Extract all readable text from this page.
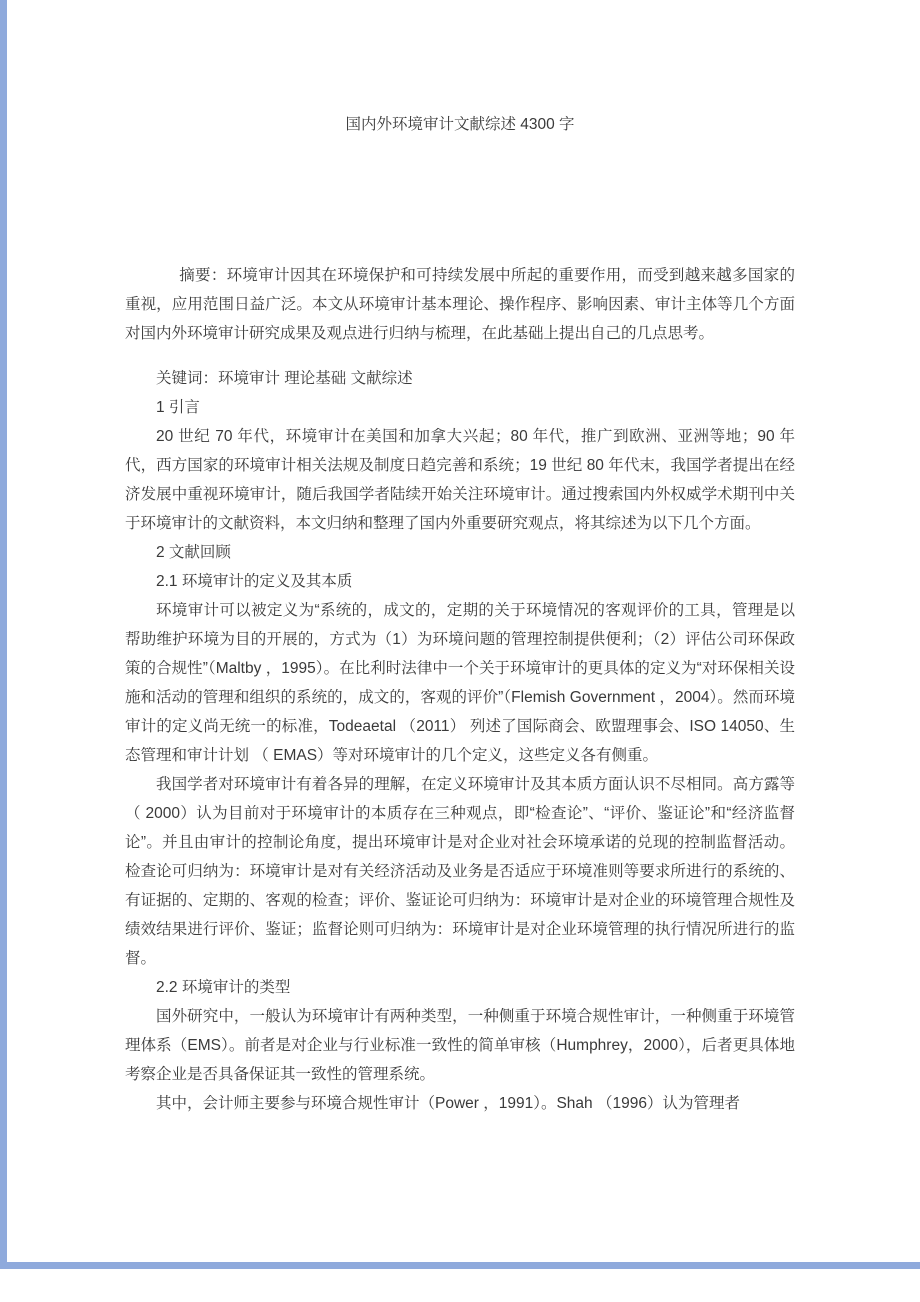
国内外环境审计文献综述 4300 字

摘要：环境审计因其在环境保护和可持续发展中所起的重要作用，而受到越来越多国家的重视，应用范围日益广泛。本文从环境审计基本理论、操作程序、影响因素、审计主体等几个方面对国内外环境审计研究成果及观点进行归纳与梳理，在此基础上提出自己的几点思考。

关键词：环境审计 理论基础 文献综述

1 引言

20 世纪 70 年代，环境审计在美国和加拿大兴起；80 年代，推广到欧洲、亚洲等地；90 年代，西方国家的环境审计相关法规及制度日趋完善和系统；19 世纪 80 年代末，我国学者提出在经济发展中重视环境审计，随后我国学者陆续开始关注环境审计。通过搜索国内外权威学术期刊中关于环境审计的文献资料，本文归纳和整理了国内外重要研究观点，将其综述为以下几个方面。

2 文献回顾

2.1 环境审计的定义及其本质

环境审计可以被定义为“系统的，成文的，定期的关于环境情况的客观评价的工具，管理是以帮助维护环境为目的开展的，方式为（1）为环境问题的管理控制提供便利；（2）评估公司环保政策的合规性”（Maltby ，1995）。在比利时法律中一个关于环境审计的更具体的定义为“对环保相关设施和活动的管理和组织的系统的，成文的，客观的评价”（Flemish Government ，2004）。然而环境审计的定义尚无统一的标准，Todeaetal （2011） 列述了国际商会、欧盟理事会、ISO 14050、生态管理和审计计划 （ EMAS）等对环境审计的几个定义，这些定义各有侧重。

我国学者对环境审计有着各异的理解，在定义环境审计及其本质方面认识不尽相同。高方露等（ 2000）认为目前对于环境审计的本质存在三种观点，即“检查论”、“评价、鉴证论”和“经济监督论”。并且由审计的控制论角度，提出环境审计是对企业对社会环境承诺的兑现的控制监督活动。检查论可归纳为：环境审计是对有关经济活动及业务是否适应于环境准则等要求所进行的系统的、有证据的、定期的、客观的检查；评价、鉴证论可归纳为：环境审计是对企业的环境管理合规性及绩效结果进行评价、鉴证；监督论则可归纳为：环境审计是对企业环境管理的执行情况所进行的监督。

2.2 环境审计的类型

国外研究中，一般认为环境审计有两种类型，一种侧重于环境合规性审计，一种侧重于环境管理体系（EMS）。前者是对企业与行业标准一致性的简单审核（Humphrey，2000），后者更具体地考察企业是否具备保证其一致性的管理系统。

其中，会计师主要参与环境合规性审计（Power ，1991）。Shah （1996）认为管理者
